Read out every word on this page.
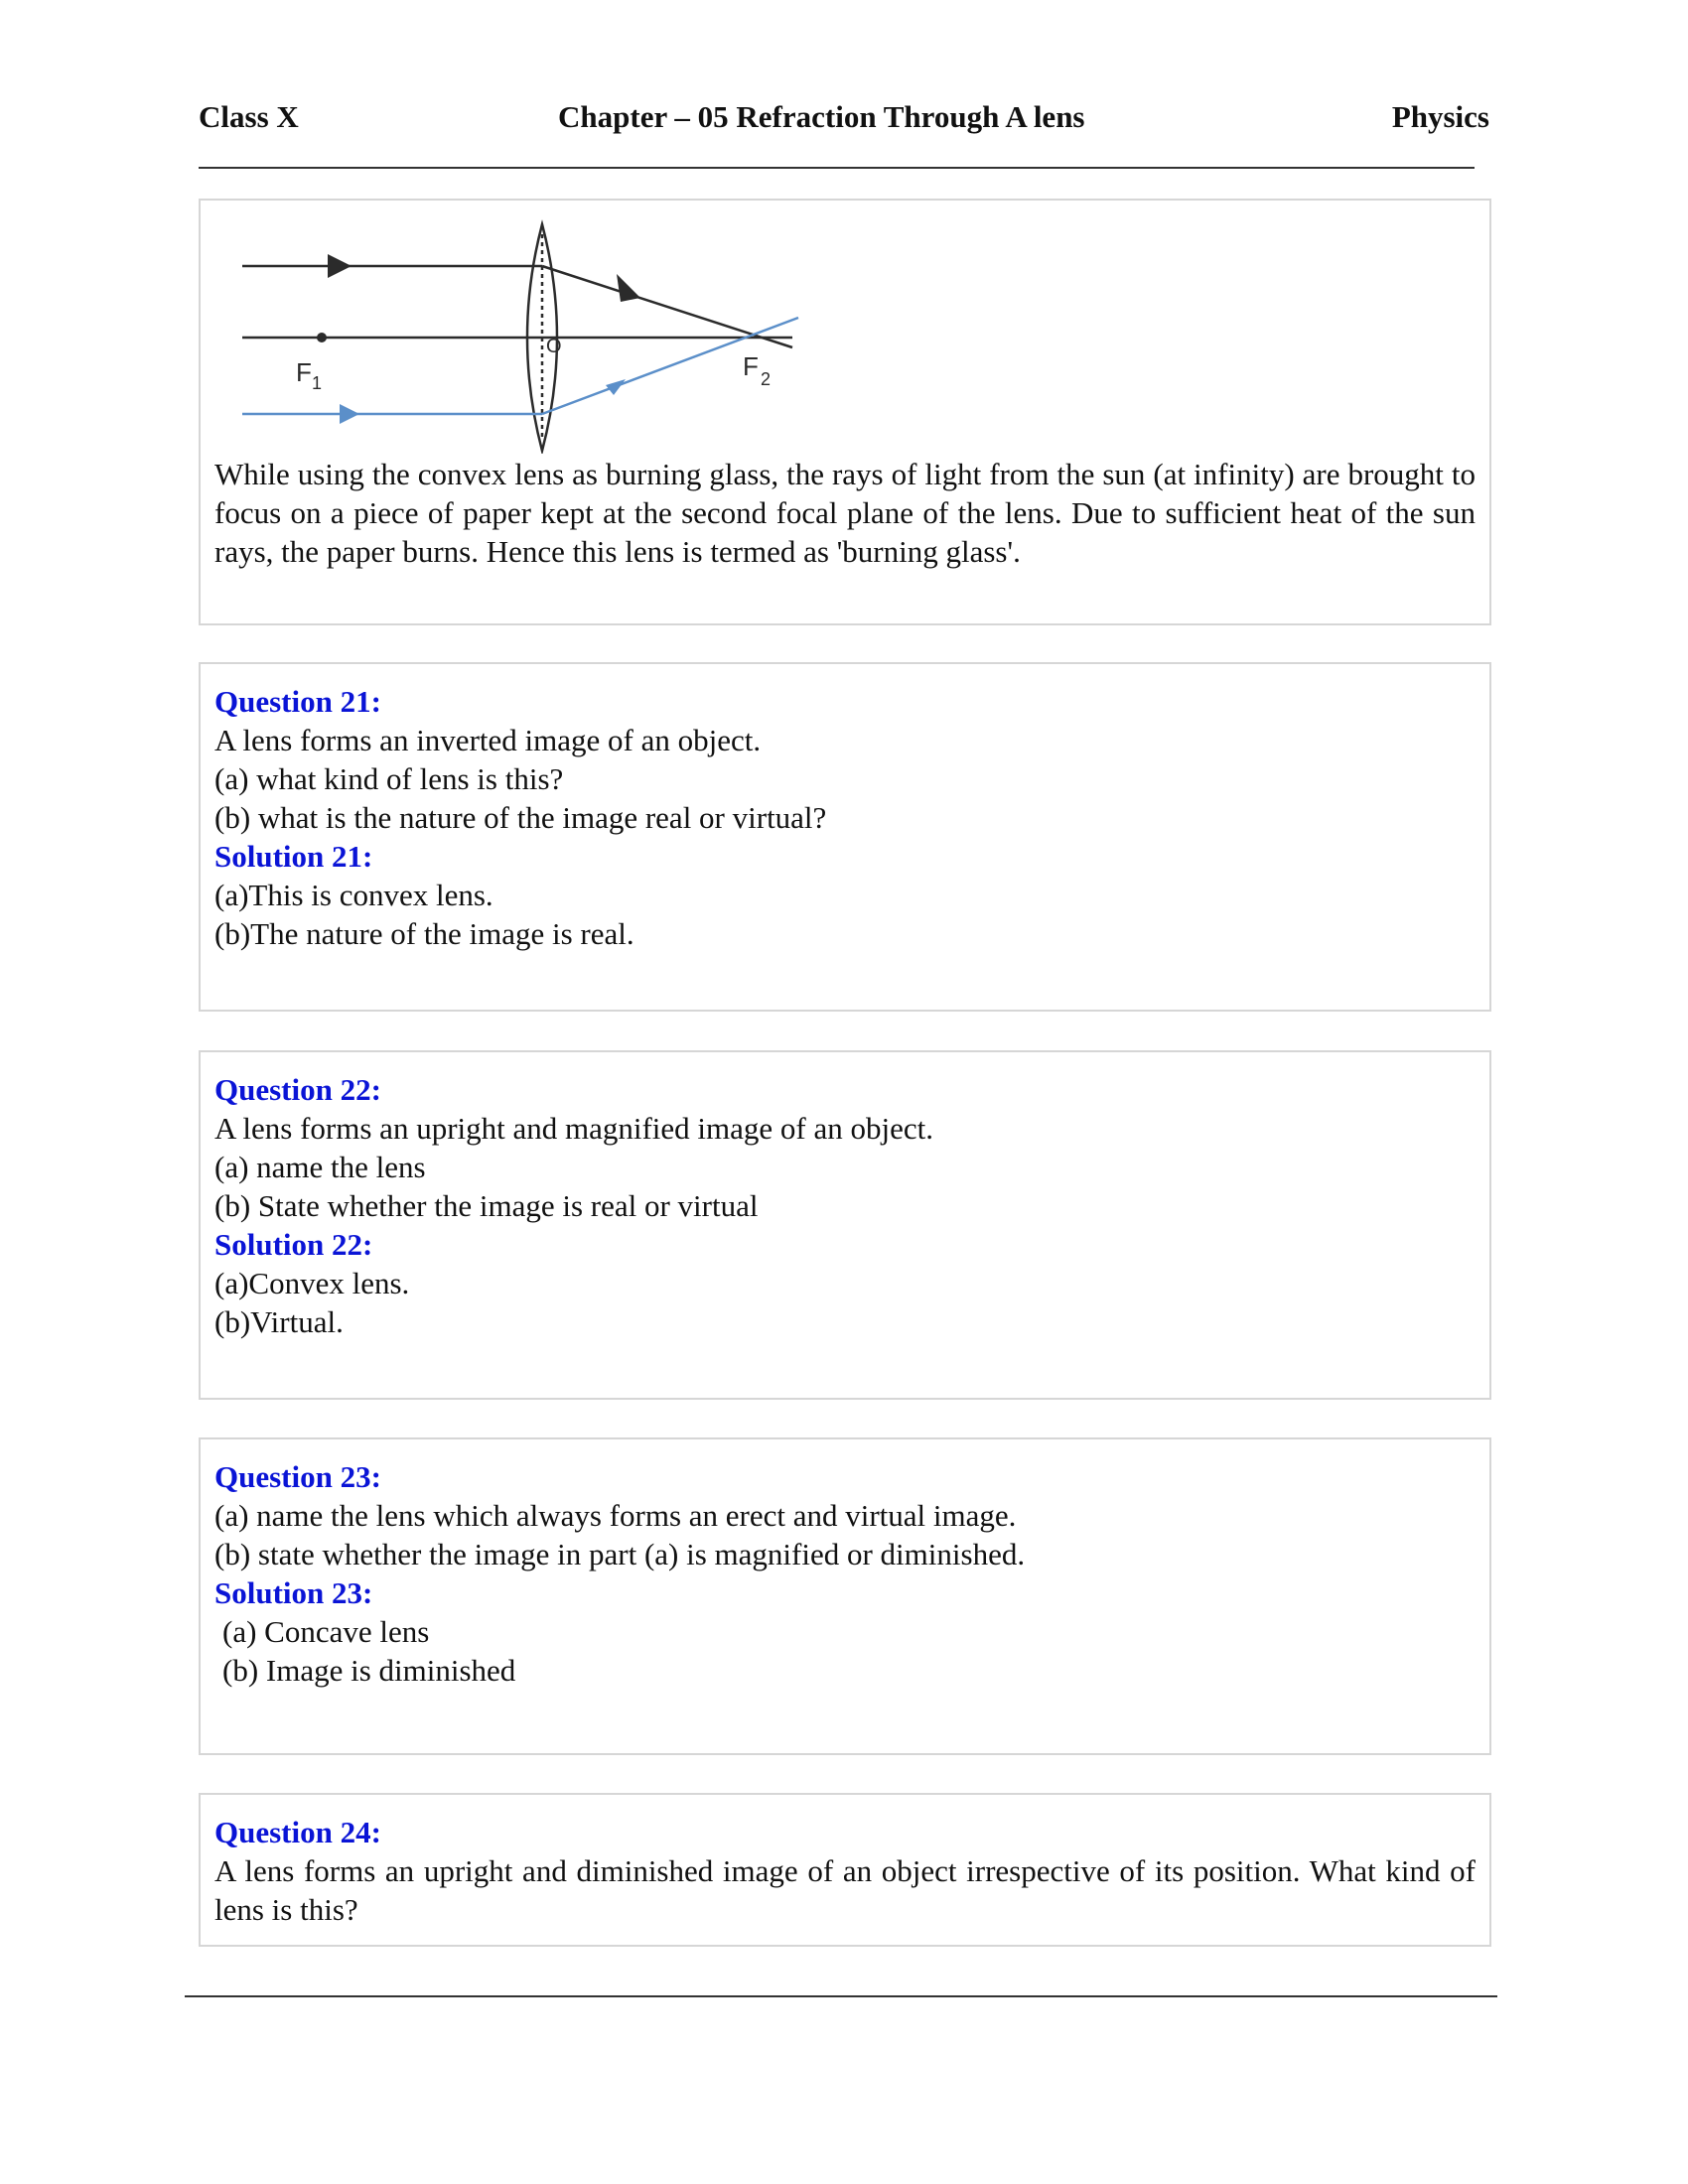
Class X	Chapter – 05 Refraction Through A lens	Physics
F 1
F 2
O

While using the convex lens as burning glass, the rays of light from the sun (at infinity) are brought to focus on a piece of paper kept at the second focal plane of the lens. Due to sufficient heat of the sun rays, the paper burns. Hence this lens is termed as 'burning glass'.

Question 21:

A lens forms an inverted image of an object.

(a) what kind of lens is this?

(b) what is the nature of the image real or virtual?

Solution 21:

(a)This is convex lens.

(b)The nature of the image is real.

Question 22:

A lens forms an upright and magnified image of an object.

(a) name the lens

(b) State whether the image is real or virtual

Solution 22:

(a)Convex lens.

(b)Virtual.

Question 23:

(a) name the lens which always forms an erect and virtual image.

(b) state whether the image in part (a) is magnified or diminished.

Solution 23:

(a) Concave lens

(b) Image is diminished

Question 24:

A lens forms an upright and diminished image of an object irrespective of its position. What kind of lens is this?
